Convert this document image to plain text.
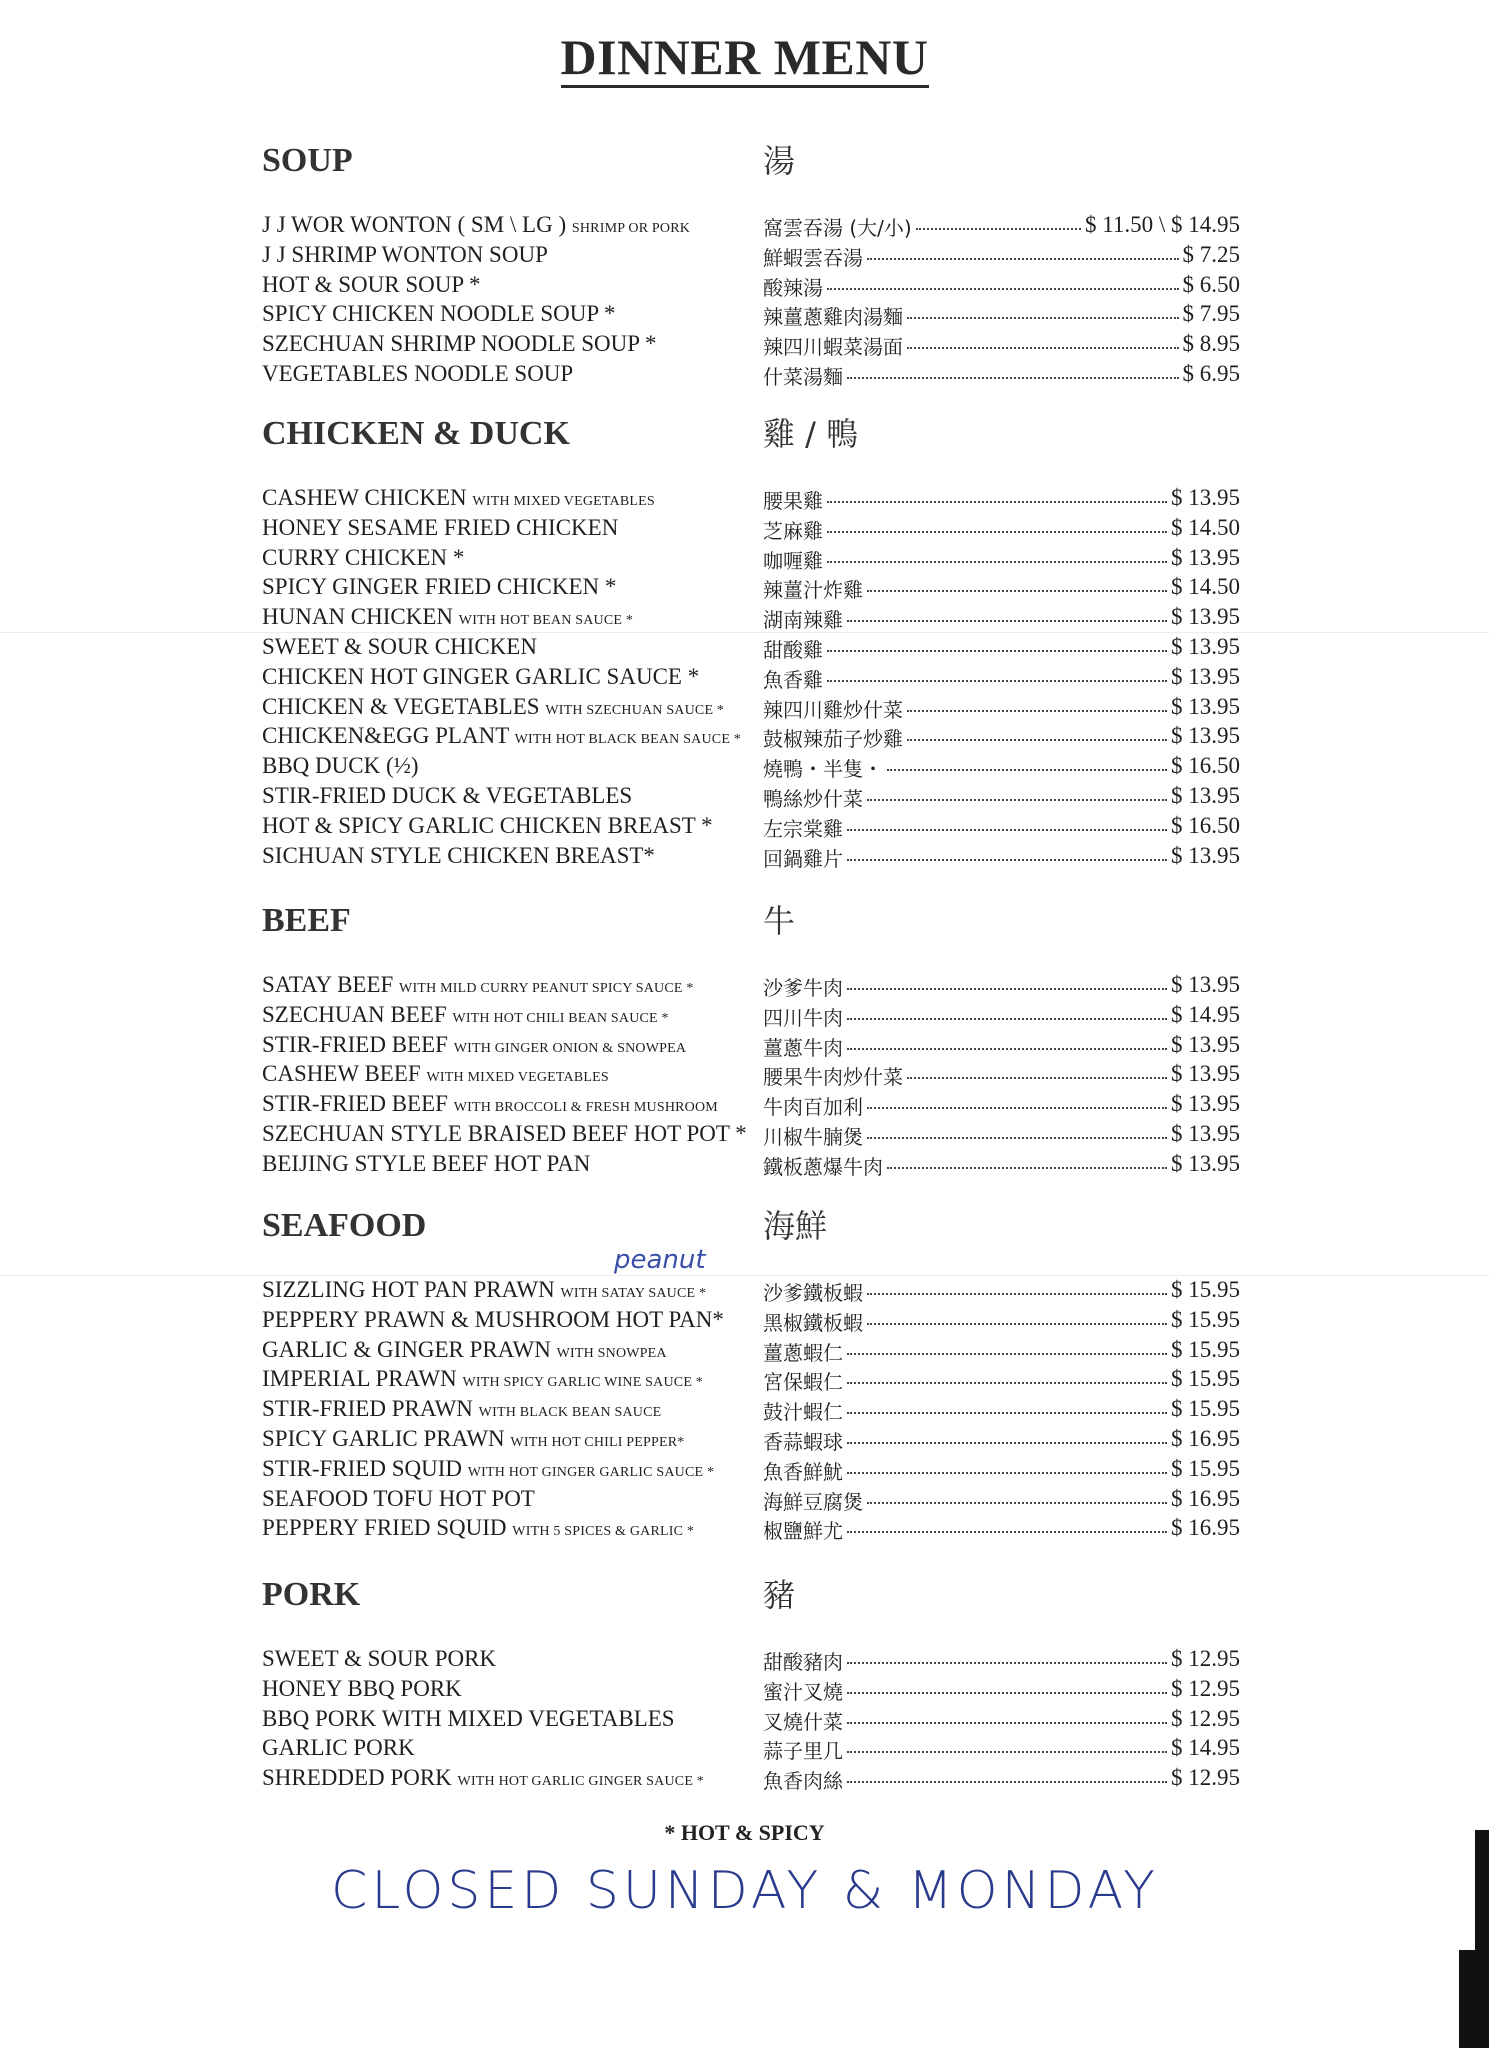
DINNER MENU
SOUP	湯
J J WOR WONTON ( SM \ LG ) SHRIMP OR PORK	窩雲吞湯 (大/小)	$ 11.50 \ $ 14.95
J J SHRIMP WONTON SOUP	鮮蝦雲吞湯	$ 7.25
HOT & SOUR SOUP *	酸辣湯	$ 6.50
SPICY CHICKEN NOODLE SOUP *	辣薑蔥雞肉湯麵	$ 7.95
SZECHUAN SHRIMP NOODLE SOUP *	辣四川蝦菜湯面	$ 8.95
VEGETABLES NOODLE SOUP	什菜湯麵	$ 6.95
CHICKEN & DUCK	雞 / 鴨
CASHEW CHICKEN WITH MIXED VEGETABLES	腰果雞	$ 13.95
HONEY SESAME FRIED CHICKEN	芝麻雞	$ 14.50
CURRY CHICKEN *	咖喱雞	$ 13.95
SPICY GINGER FRIED CHICKEN *	辣薑汁炸雞	$ 14.50
HUNAN CHICKEN WITH HOT BEAN SAUCE *	湖南辣雞	$ 13.95
SWEET & SOUR CHICKEN	甜酸雞	$ 13.95
CHICKEN HOT GINGER GARLIC SAUCE *	魚香雞	$ 13.95
CHICKEN & VEGETABLES WITH SZECHUAN SAUCE * 辣四川雞炒什菜	$ 13.95
CHICKEN&EGG PLANT WITH HOT BLACK BEAN SAUCE * 鼓椒辣茄子炒雞	$ 13.95
BBQ DUCK (½)	燒鴨・半隻・	$ 16.50
STIR-FRIED DUCK & VEGETABLES	鴨絲炒什菜	$ 13.95
HOT & SPICY GARLIC CHICKEN BREAST *	左宗棠雞	$ 16.50
SICHUAN STYLE CHICKEN BREAST*	回鍋雞片	$ 13.95
BEEF	牛
SATAY BEEF WITH MILD CURRY PEANUT SPICY SAUCE *	沙爹牛肉	$ 13.95
SZECHUAN BEEF WITH HOT CHILI BEAN SAUCE *	四川牛肉	$ 14.95
STIR-FRIED BEEF WITH GINGER ONION & SNOWPEA	薑蔥牛肉	$ 13.95
CASHEW BEEF WITH MIXED VEGETABLES	腰果牛肉炒什菜	$ 13.95
STIR-FRIED BEEF WITH BROCCOLI & FRESH MUSHROOM 牛肉百加利	$ 13.95
SZECHUAN STYLE BRAISED BEEF HOT POT * 川椒牛腩煲	$ 13.95
BEIJING STYLE BEEF HOT PAN	鐵板蔥爆牛肉	$ 13.95
SEAFOOD	海鮮
SIZZLING HOT PAN PRAWN WITH SATAY SAUCE *	沙爹鐵板蝦	$ 15.95
PEPPERY PRAWN & MUSHROOM HOT PAN* 黑椒鐵板蝦	$ 15.95
GARLIC & GINGER PRAWN WITH SNOWPEA	薑蔥蝦仁	$ 15.95
IMPERIAL PRAWN WITH SPICY GARLIC WINE SAUCE *	宮保蝦仁	$ 15.95
STIR-FRIED PRAWN WITH BLACK BEAN SAUCE	鼓汁蝦仁	$ 15.95
SPICY GARLIC PRAWN WITH HOT CHILI PEPPER*	香蒜蝦球	$ 16.95
STIR-FRIED SQUID WITH HOT GINGER GARLIC SAUCE * 魚香鮮魷	$ 15.95
SEAFOOD TOFU HOT POT	海鮮豆腐煲	$ 16.95
PEPPERY FRIED SQUID WITH 5 SPICES & GARLIC *	椒鹽鮮尤	$ 16.95
PORK	豬
SWEET & SOUR PORK	甜酸豬肉	$ 12.95
HONEY BBQ PORK	蜜汁叉燒	$ 12.95
BBQ PORK WITH MIXED VEGETABLES	叉燒什菜	$ 12.95
GARLIC PORK	蒜子里几	$ 14.95
SHREDDED PORK WITH HOT GARLIC GINGER SAUCE *	魚香肉絲	$ 12.95
peanut
* HOT & SPICY
CLOSED SUNDAY & MONDAY
